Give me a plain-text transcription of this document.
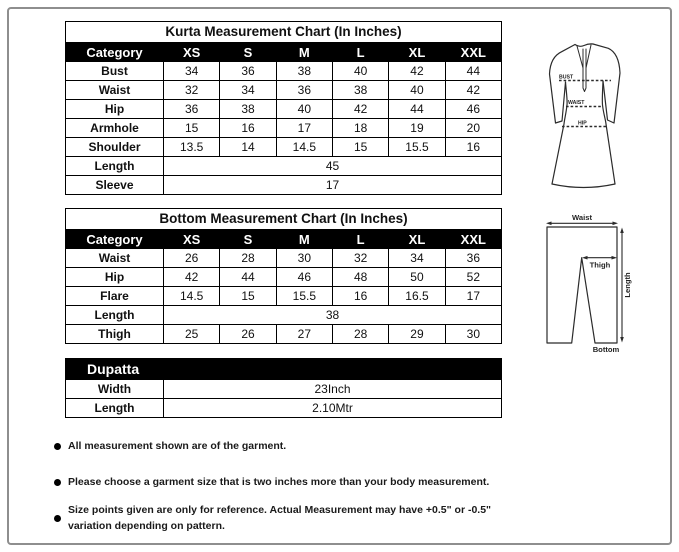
Kurta Measurement Chart (In Inches)						
Category	XS	S	M	L	XL	XXL
Bust	34	36	38	40	42	44
Waist	32	34	36	38	40	42
Hip	36	38	40	42	44	46
Armhole	15	16	17	18	19	20
Shoulder	13.5	14	14.5	15	15.5	16
Length	45					
Sleeve	17					
Bottom Measurement Chart (In Inches)						
Category	XS	S	M	L	XL	XXL
Waist	26	28	30	32	34	36
Hip	42	44	46	48	50	52
Flare	14.5	15	15.5	16	16.5	17
Length	38					
Thigh	25	26	27	28	29	30
Dupatta	
Width	23Inch
Length	2.10Mtr
All measurement shown are of the garment.
Please choose a garment size that is two inches more than your body measurement.
Size points given are only for reference. Actual Measurement may have +0.5" or -0.5" variation depending on pattern.
BUST
WAIST
HIP
Waist
Thigh
Length
Bottom
